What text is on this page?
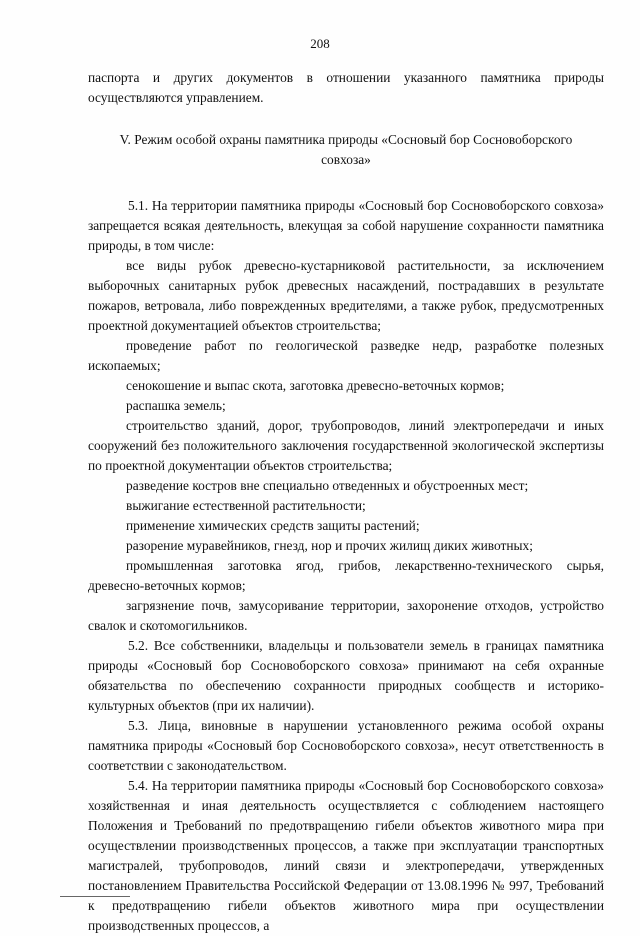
208

паспорта и других документов в отношении указанного памятника природы осуществляются управлением.

V. Режим особой охраны памятника природы «Сосновый бор Сосновоборского совхоза»

5.1. На территории памятника природы «Сосновый бор Сосновоборского совхоза» запрещается всякая деятельность, влекущая за собой нарушение сохранности памятника природы, в том числе:

все виды рубок древесно-кустарниковой растительности, за исключением выборочных санитарных рубок древесных насаждений, пострадавших в результате пожаров, ветровала, либо поврежденных вредителями, а также рубок, предусмотренных проектной документацией объектов строительства;

проведение работ по геологической разведке недр, разработке полезных ископаемых;

сенокошение и выпас скота, заготовка древесно-веточных кормов;

распашка земель;

строительство зданий, дорог, трубопроводов, линий электропередачи и иных сооружений без положительного заключения государственной экологической экспертизы по проектной документации объектов строительства;

разведение костров вне специально отведенных и обустроенных мест;

выжигание естественной растительности;

применение химических средств защиты растений;

разорение муравейников, гнезд, нор и прочих жилищ диких животных;

промышленная заготовка ягод, грибов, лекарственно-технического сырья, древесно-веточных кормов;

загрязнение почв, замусоривание территории, захоронение отходов, устройство свалок и скотомогильников.

5.2. Все собственники, владельцы и пользователи земель в границах памятника природы «Сосновый бор Сосновоборского совхоза» принимают на себя охранные обязательства по обеспечению сохранности природных сообществ и историко-культурных объектов (при их наличии).

5.3. Лица, виновные в нарушении установленного режима особой охраны памятника природы «Сосновый бор Сосновоборского совхоза», несут ответственность в соответствии с законодательством.

5.4. На территории памятника природы «Сосновый бор Сосновоборского совхоза» хозяйственная и иная деятельность осуществляется с соблюдением настоящего Положения и Требований по предотвращению гибели объектов животного мира при осуществлении производственных процессов, а также при эксплуатации транспортных магистралей, трубопроводов, линий связи и электропередачи, утвержденных постановлением Правительства Российской Федерации от 13.08.1996 № 997, Требований к предотвращению гибели объектов животного мира при осуществлении производственных процессов, а
